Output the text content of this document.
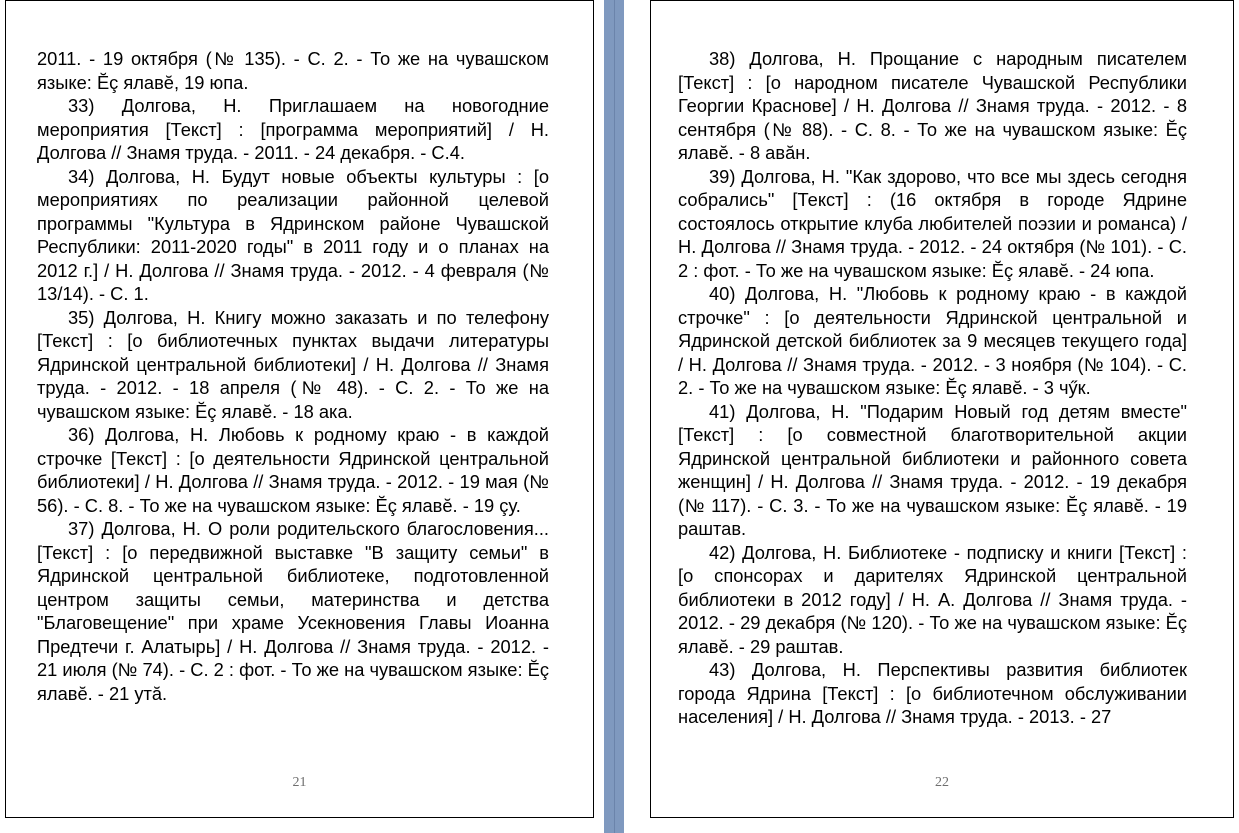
2011. - 19 октября (№ 135). - С. 2. - То же на чувашском языке: Ĕç ялавĕ, 19 юпа.

33) Долгова, Н. Приглашаем на новогодние мероприятия [Текст] : [программа мероприятий] / Н. Долгова // Знамя труда. - 2011. - 24 декабря. - С.4.

34) Долгова, Н. Будут новые объекты культуры : [о мероприятиях по реализации районной целевой программы "Культура в Ядринском районе Чувашской Республики: 2011-2020 годы" в 2011 году и о планах на 2012 г.] / Н. Долгова // Знамя труда. - 2012. - 4 февраля (№ 13/14). - С. 1.

35) Долгова, Н. Книгу можно заказать и по телефону [Текст] : [о библиотечных пунктах выдачи литературы Ядринской центральной библиотеки] / Н. Долгова // Знамя труда. - 2012. - 18 апреля (№ 48). - С. 2. - То же на чувашском языке: Ĕç ялавĕ. - 18 ака.

36) Долгова, Н. Любовь к родному краю - в каждой строчке [Текст] : [о деятельности Ядринской центральной библиотеки] / Н. Долгова // Знамя труда. - 2012. - 19 мая (№ 56). - С. 8. - То же на чувашском языке: Ĕç ялавĕ. - 19 çу.

37) Долгова, Н. О роли родительского благословения... [Текст] : [о передвижной выставке "В защиту семьи" в Ядринской центральной библиотеке, подготовленной центром защиты семьи, материнства и детства "Благовещение" при храме Усекновения Главы Иоанна Предтечи г. Алатырь] / Н. Долгова // Знамя труда. - 2012. - 21 июля (№ 74). - С. 2 : фот. - То же на чувашском языке: Ĕç ялавĕ. - 21 утă.

21

38) Долгова, Н. Прощание с народным писателем [Текст] : [о народном писателе Чувашской Республики Георгии Краснове] / Н. Долгова // Знамя труда. - 2012. - 8 сентября (№ 88). - С. 8. - То же на чувашском языке: Ĕç ялавĕ. - 8 авăн.

39) Долгова, Н. "Как здорово, что все мы здесь сегодня собрались" [Текст] : (16 октября в городе Ядрине состоялось открытие клуба любителей поэзии и романса) / Н. Долгова // Знамя труда. - 2012. - 24 октября (№ 101). - С. 2 : фот. - То же на чувашском языке: Ĕç ялавĕ. - 24 юпа.

40) Долгова, Н. "Любовь к родному краю - в каждой строчке" : [о деятельности Ядринской центральной и Ядринской детской библиотек за 9 месяцев текущего года] / Н. Долгова // Знамя труда. - 2012. - 3 ноября (№ 104). - С. 2. - То же на чувашском языке: Ĕç ялавĕ. - 3 чӳк.

41) Долгова, Н. "Подарим Новый год детям вместе" [Текст] : [о совместной благотворительной акции Ядринской центральной библиотеки и районного совета женщин] / Н. Долгова // Знамя труда. - 2012. - 19 декабря (№ 117). - С. 3. - То же на чувашском языке: Ĕç ялавĕ. - 19 раштав.

42) Долгова, Н. Библиотеке - подписку и книги [Текст] : [о спонсорах и дарителях Ядринской центральной библиотеки в 2012 году] / Н. А. Долгова // Знамя труда. - 2012. - 29 декабря (№ 120). - То же на чувашском языке: Ĕç ялавĕ. - 29 раштав.

43) Долгова, Н. Перспективы развития библиотек города Ядрина [Текст] : [о библиотечном обслуживании населения] / Н. Долгова // Знамя труда. - 2013. - 27

22
